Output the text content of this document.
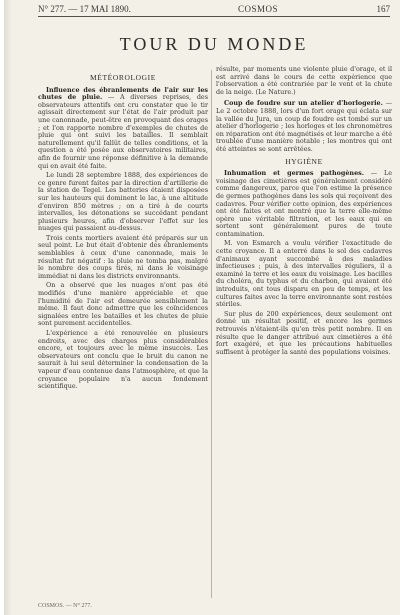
N° 277. — 17 MAI 1890.	COSMOS	167
TOUR DU MONDE
MÉTÉOROLOGIE

Influence des ébranlements de l'air sur les chutes de pluie. — A diverses reprises, des observateurs attentifs ont cru constater que le tir agissait directement sur l'état de l'air produit par une canonnade, peut-être en provoquant des orages ; et l'on rapporte nombre d'exemples de chutes de pluie qui ont suivi les batailles. Il semblait naturellement qu'il fallût de telles conditions, et la question a été posée aux observatoires militaires, afin de fournir une réponse définitive à la demande qui en avait été faite.

Le lundi 28 septembre 1888, des expériences de ce genre furent faites par la direction d'artillerie de la station de Tegel. Les batteries étaient disposées sur les hauteurs qui dominent le lac, à une altitude d'environ 850 mètres ; on a tiré à de courts intervalles, les détonations se succédant pendant plusieurs heures, afin d'observer l'effet sur les nuages qui passaient au-dessus.

Trois cents mortiers avaient été préparés sur un seul point. Le but était d'obtenir des ébranlements semblables à ceux d'une canonnade, mais le résultat fut négatif : la pluie ne tomba pas, malgré le nombre des coups tirés, ni dans le voisinage immédiat ni dans les districts environnants.

On a observé que les nuages n'ont pas été modifiés d'une manière appréciable et que l'humidité de l'air est demeurée sensiblement la même. Il faut donc admettre que les coïncidences signalées entre les batailles et les chutes de pluie sont purement accidentelles.

L'expérience a été renouvelée en plusieurs endroits, avec des charges plus considérables encore, et toujours avec le même insuccès. Les observateurs ont conclu que le bruit du canon ne saurait à lui seul déterminer la condensation de la vapeur d'eau contenue dans l'atmosphère, et que la croyance populaire n'a aucun fondement scientifique.

résulte, par moments une violente pluie d'orage, et il est arrivé dans le cours de cette expérience que l'observation a été contrariée par le vent et la chute de la neige. (Le Nature.)

Coup de foudre sur un atelier d'horlogerie. — Le 2 octobre 1888, lors d'un fort orage qui éclata sur la vallée du Jura, un coup de foudre est tombé sur un atelier d'horlogerie ; les horloges et les chronomètres en réparation ont été magnétisés et leur marche a été troublée d'une manière notable ; les montres qui ont été atteintes se sont arrêtées.

HYGIÈNE

Inhumation et germes pathogènes. — Le voisinage des cimetières est généralement considéré comme dangereux, parce que l'on estime la présence de germes pathogènes dans les sols qui reçoivent des cadavres. Pour vérifier cette opinion, des expériences ont été faites et ont montré que la terre elle-même opère une véritable filtration, et les eaux qui en sortent sont généralement pures de toute contamination.

M. von Esmarch a voulu vérifier l'exactitude de cette croyance. Il a enterré dans le sol des cadavres d'animaux ayant succombé à des maladies infectieuses ; puis, à des intervalles réguliers, il a examiné la terre et les eaux du voisinage. Les bacilles du choléra, du typhus et du charbon, qui avaient été introduits, ont tous disparu en peu de temps, et les cultures faites avec la terre environnante sont restées stériles.

Sur plus de 200 expériences, deux seulement ont donné un résultat positif, et encore les germes retrouvés n'étaient-ils qu'en très petit nombre. Il en résulte que le danger attribué aux cimetières a été fort exagéré, et que les précautions habituelles suffisent à protéger la santé des populations voisines.

COSMOS. — N° 277.
